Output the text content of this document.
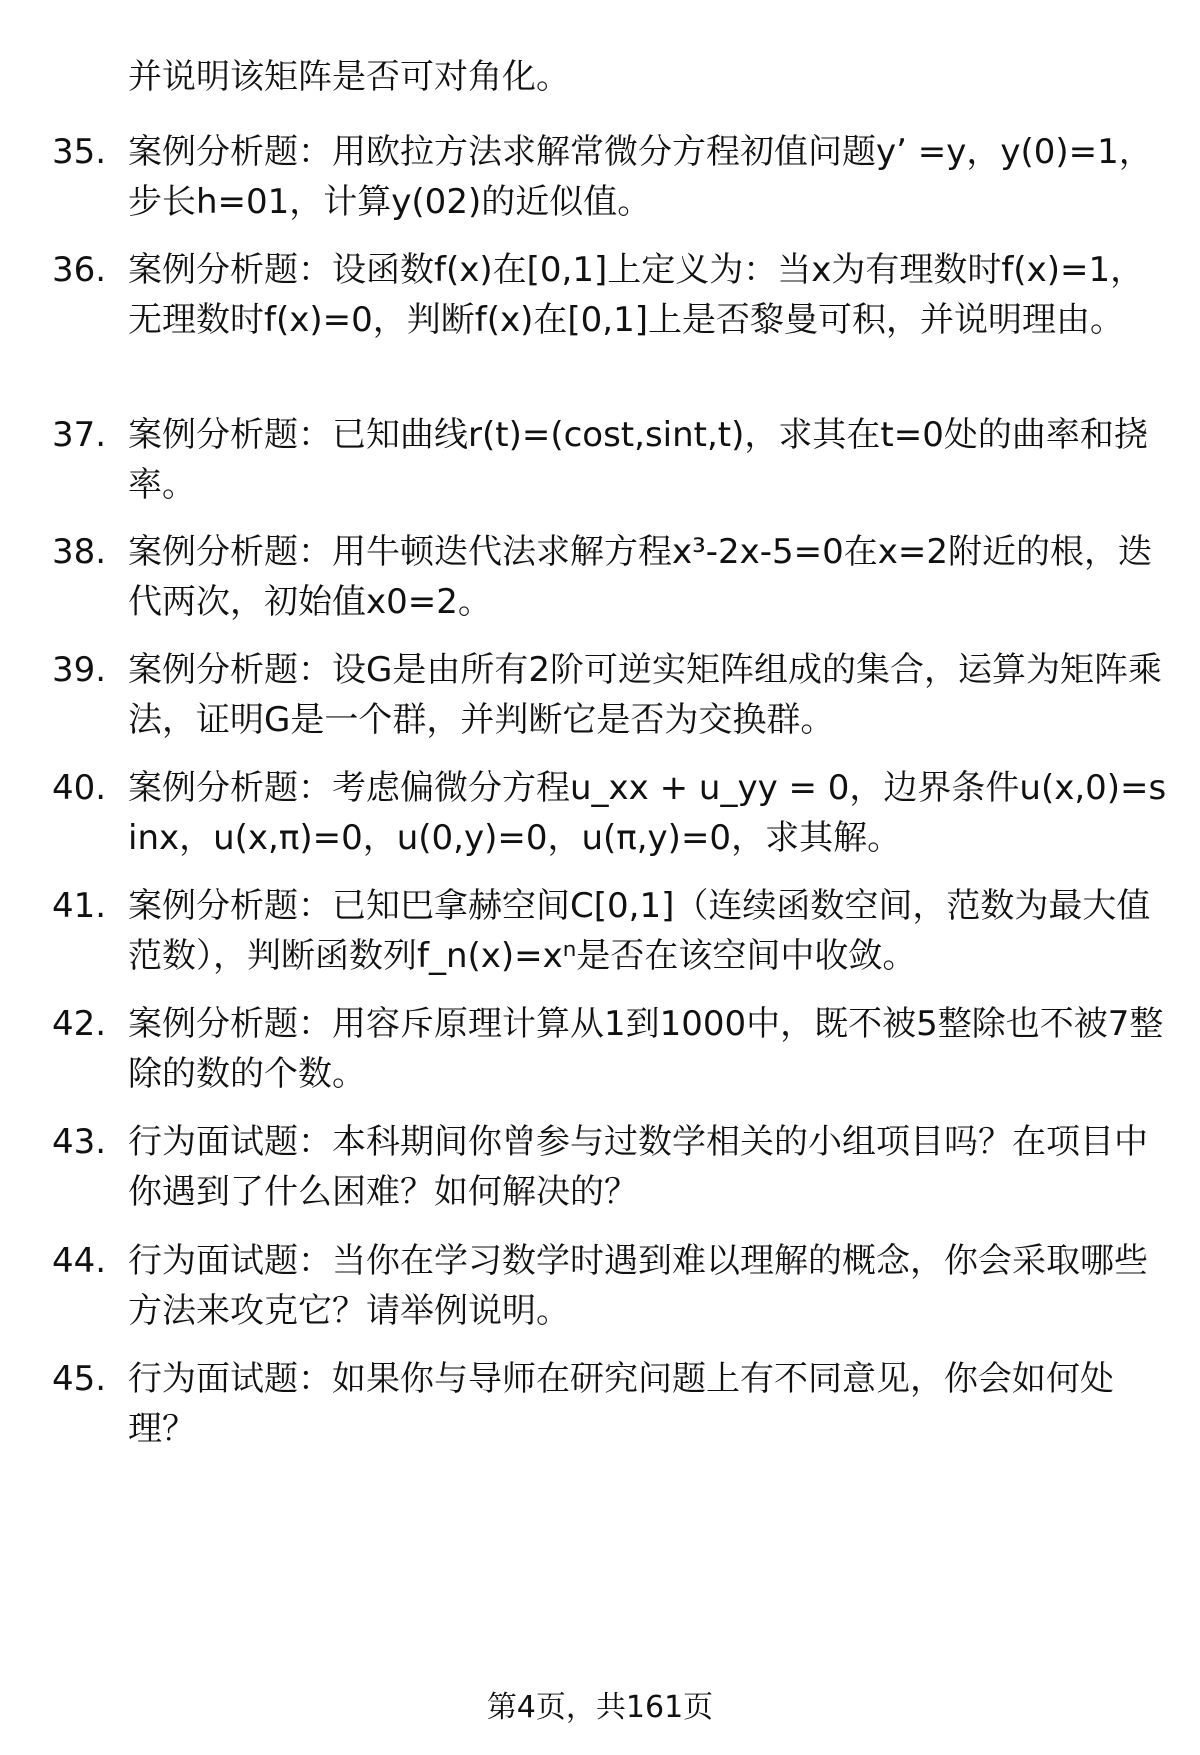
并说明该矩阵是否可对角化。
35. 案例分析题：用欧拉方法求解常微分方程初值问题y’ =y，y(0)=1，步长h=01，计算y(02)的近似值。
36. 案例分析题：设函数f(x)在[0,1]上定义为：当x为有理数时f(x)=1，无理数时f(x)=0，判断f(x)在[0,1]上是否黎曼可积，并说明理由。
37. 案例分析题：已知曲线r(t)=(cost,sint,t)，求其在t=0处的曲率和挠率。
38. 案例分析题：用牛顿迭代法求解方程x³-2x-5=0在x=2附近的根，迭代两次，初始值x0=2。
39. 案例分析题：设G是由所有2阶可逆实矩阵组成的集合，运算为矩阵乘法，证明G是一个群，并判断它是否为交换群。
40. 案例分析题：考虑偏微分方程u_xx + u_yy = 0，边界条件u(x,0)=sinx，u(x,π)=0，u(0,y)=0，u(π,y)=0，求其解。
41. 案例分析题：已知巴拿赫空间C[0,1]（连续函数空间，范数为最大值范数），判断函数列f_n(x)=xⁿ是否在该空间中收敛。
42. 案例分析题：用容斥原理计算从1到1000中，既不被5整除也不被7整除的数的个数。
43. 行为面试题：本科期间你曾参与过数学相关的小组项目吗？在项目中你遇到了什么困难？如何解决的？
44. 行为面试题：当你在学习数学时遇到难以理解的概念，你会采取哪些方法来攻克它？请举例说明。
45. 行为面试题：如果你与导师在研究问题上有不同意见，你会如何处理？
第4页，共161页
